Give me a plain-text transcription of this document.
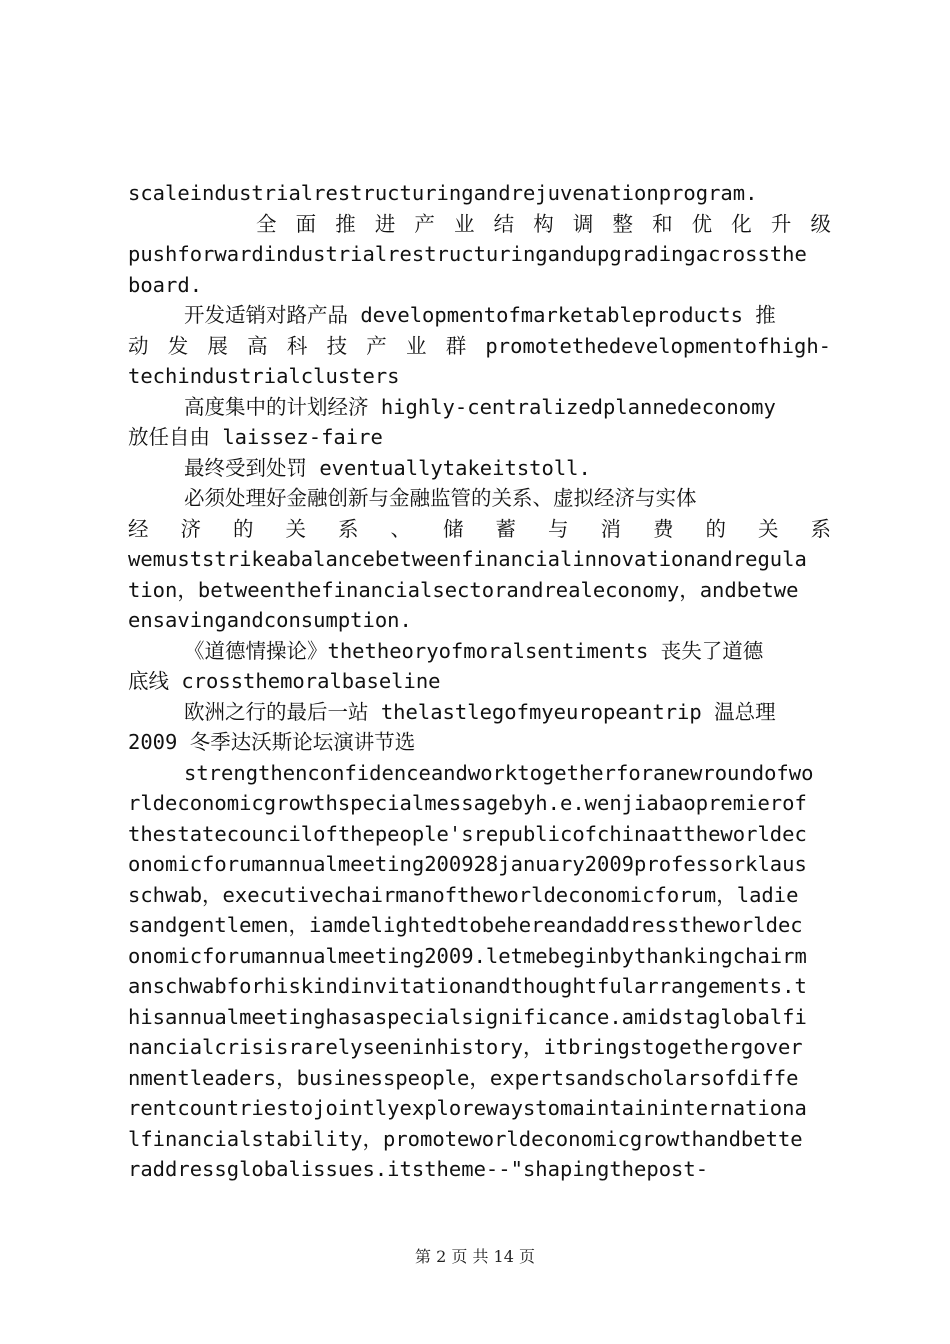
scaleindustrialrestructuringandrejuvenationprogram.
全 面 推 进 产 业 结 构 调 整 和 优 化 升 级
pushforwardindustrialrestructuringandupgradingacrossthe
board.
开发适销对路产品 developmentofmarketableproducts 推
动 发 展 高 科 技 产 业 群 promotethedevelopmentofhigh-
techindustrialclusters
高度集中的计划经济 highly-centralizedplannedeconomy
放任自由 laissez-faire
最终受到处罚 eventuallytakeitstoll.
必须处理好金融创新与金融监管的关系、虚拟经济与实体
经 济 的 关 系 、 储 蓄 与 消 费 的 关 系
wemuststrikeabalancebetweenfinancialinnovationandregula
tion，betweenthefinancialsectorandrealeconomy，andbetwe
ensavingandconsumption.
《道德情操论》thetheoryofmoralsentiments 丧失了道德
底线 crossthemoralbaseline
欧洲之行的最后一站 thelastlegofmyeuropeantrip 温总理
2009 冬季达沃斯论坛演讲节选
strengthenconfidenceandworktogetherforanewroundofwo
rldeconomicgrowthspecialmessagebyh.e.wenjiabaopremierof
thestatecouncilofthepeople'srepublicofchinaattheworldec
onomicforumannualmeeting200928january2009professorklaus
schwab，executivechairmanoftheworldeconomicforum，ladie
sandgentlemen，iamdelightedtobehereandaddresstheworldec
onomicforumannualmeeting2009.letmebeginbythankingchairm
anschwabforhiskindinvitationandthoughtfularrangements.t
hisannualmeetinghasaspecialsignificance.amidstaglobalfi
nancialcrisisrarelyseeninhistory，itbringstogethergover
nmentleaders，businesspeople，expertsandscholarsofdiffe
rentcountriestojointlyexplorewaystomaintaininternationa
lfinancialstability，promoteworldeconomicgrowthandbette
raddressglobalissues.itstheme--"shapingthepost-
第 2 页 共 14 页
